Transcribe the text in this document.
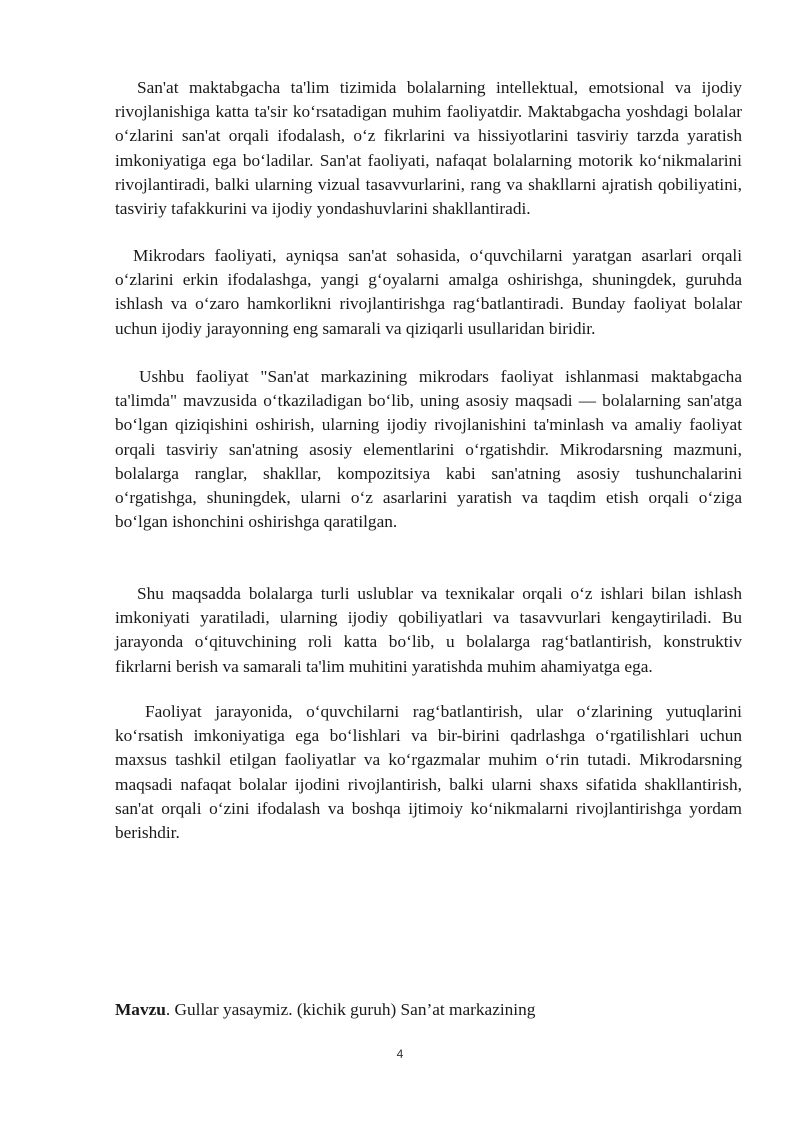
San'at maktabgacha ta'lim tizimida bolalarning intellektual, emotsional va ijodiy rivojlanishiga katta ta'sir ko‘rsatadigan muhim faoliyatdir. Maktabgacha yoshdagi bolalar o‘zlarini san'at orqali ifodalash, o‘z fikrlarini va hissiyotlarini tasviriy tarzda yaratish imkoniyatiga ega bo‘ladilar. San'at faoliyati, nafaqat bolalarning motorik ko‘nikmalarini rivojlantiradi, balki ularning vizual tasavvurlarini, rang va shakllarni ajratish qobiliyatini, tasviriy tafakkurini va ijodiy yondashuvlarini shakllantiradi.

Mikrodars faoliyati, ayniqsa san'at sohasida, o‘quvchilarni yaratgan asarlari orqali o‘zlarini erkin ifodalashga, yangi g‘oyalarni amalga oshirishga, shuningdek, guruhda ishlash va o‘zaro hamkorlikni rivojlantirishga rag‘batlantiradi. Bunday faoliyat bolalar uchun ijodiy jarayonning eng samarali va qiziqarli usullaridan biridir.

Ushbu faoliyat "San'at markazining mikrodars faoliyat ishlanmasi maktabgacha ta'limda" mavzusida o‘tkaziladigan bo‘lib, uning asosiy maqsadi — bolalarning san'atga bo‘lgan qiziqishini oshirish, ularning ijodiy rivojlanishini ta'minlash va amaliy faoliyat orqali tasviriy san'atning asosiy elementlarini o‘rgatishdir. Mikrodarsning mazmuni, bolalarga ranglar, shakllar, kompozitsiya kabi san'atning asosiy tushunchalarini o‘rgatishga, shuningdek, ularni o‘z asarlarini yaratish va taqdim etish orqali o‘ziga bo‘lgan ishonchini oshirishga qaratilgan.

Shu maqsadda bolalarga turli uslublar va texnikalar orqali o‘z ishlari bilan ishlash imkoniyati yaratiladi, ularning ijodiy qobiliyatlari va tasavvurlari kengaytiriladi. Bu jarayonda o‘qituvchining roli katta bo‘lib, u bolalarga rag‘batlantirish, konstruktiv fikrlarni berish va samarali ta'lim muhitini yaratishda muhim ahamiyatga ega.

Faoliyat jarayonida, o‘quvchilarni rag‘batlantirish, ular o‘zlarining yutuqlarini ko‘rsatish imkoniyatiga ega bo‘lishlari va bir-birini qadrlashga o‘rgatilishlari uchun maxsus tashkil etilgan faoliyatlar va ko‘rgazmalar muhim o‘rin tutadi. Mikrodarsning maqsadi nafaqat bolalar ijodini rivojlantirish, balki ularni shaxs sifatida shakllantirish, san'at orqali o‘zini ifodalash va boshqa ijtimoiy ko‘nikmalarni rivojlantirishga yordam berishdir.

Mavzu. Gullar yasaymiz. (kichik guruh) San’at markazining

4
